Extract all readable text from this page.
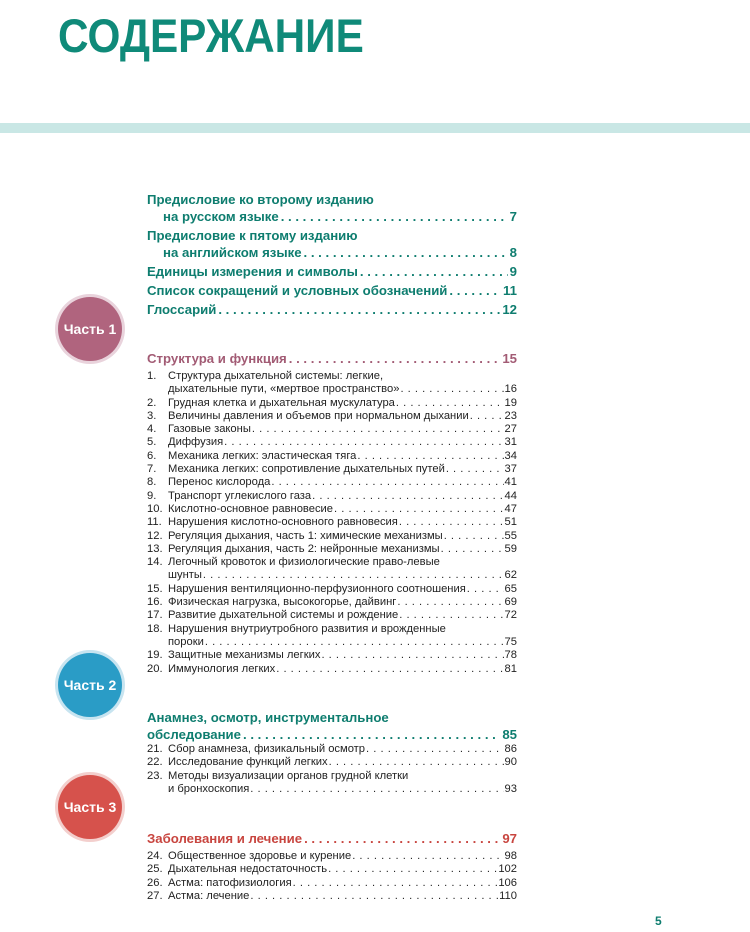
СОДЕРЖАНИЕ
Часть 1
Часть 2
Часть 3
Предисловие ко второму изданию
на русском языке . . .	7
Предисловие к пятому изданию
на английском языке . . .	8
Единицы измерения и символы . . .	9
Список сокращений и условных обозначений . . .	11
Глоссарий . . .	12
Структура и функция . . .	15
1.	Структура дыхательной системы: легкие,
дыхательные пути, «мертвое пространство» . . .	16
2.	Грудная клетка и дыхательная мускулатура . . .	19
3.	Величины давления и объемов при нормальном дыхании . . .	23
4.	Газовые законы . . .	27
5.	Диффузия . . .	31
6.	Механика легких: эластическая тяга . . .	34
7.	Механика легких: сопротивление дыхательных путей . . .	37
8.	Перенос кислорода . . .	41
9.	Транспорт углекислого газа . . .	44
10. Кислотно-основное равновесие . . .	47
11. Нарушения кислотно-основного равновесия . . .	51
12. Регуляция дыхания, часть 1: химические механизмы . . .	55
13. Регуляция дыхания, часть 2: нейронные механизмы . . .	59
14. Легочный кровоток и физиологические право-левые
шунты . . .	62
15. Нарушения вентиляционно-перфузионного соотношения . . .	65
16. Физическая нагрузка, высокогорье, дайвинг . . .	69
17. Развитие дыхательной системы и рождение . . .	72
18. Нарушения внутриутробного развития и врожденные
пороки . . .	75
19. Защитные механизмы легких . . .	78
20. Иммунология легких . . .	81
Анамнез, осмотр, инструментальное
обследование . . .	85
21. Сбор анамнеза, физикальный осмотр . . .	86
22. Исследование функций легких . . .	90
23. Методы визуализации органов грудной клетки
и бронхоскопия . . .	93
Заболевания и лечение . . .	97
24. Общественное здоровье и курение . . .	98
25. Дыхательная недостаточность . . .	102
26. Астма: патофизиология . . .	106
27. Астма: лечение . . .	110
5
